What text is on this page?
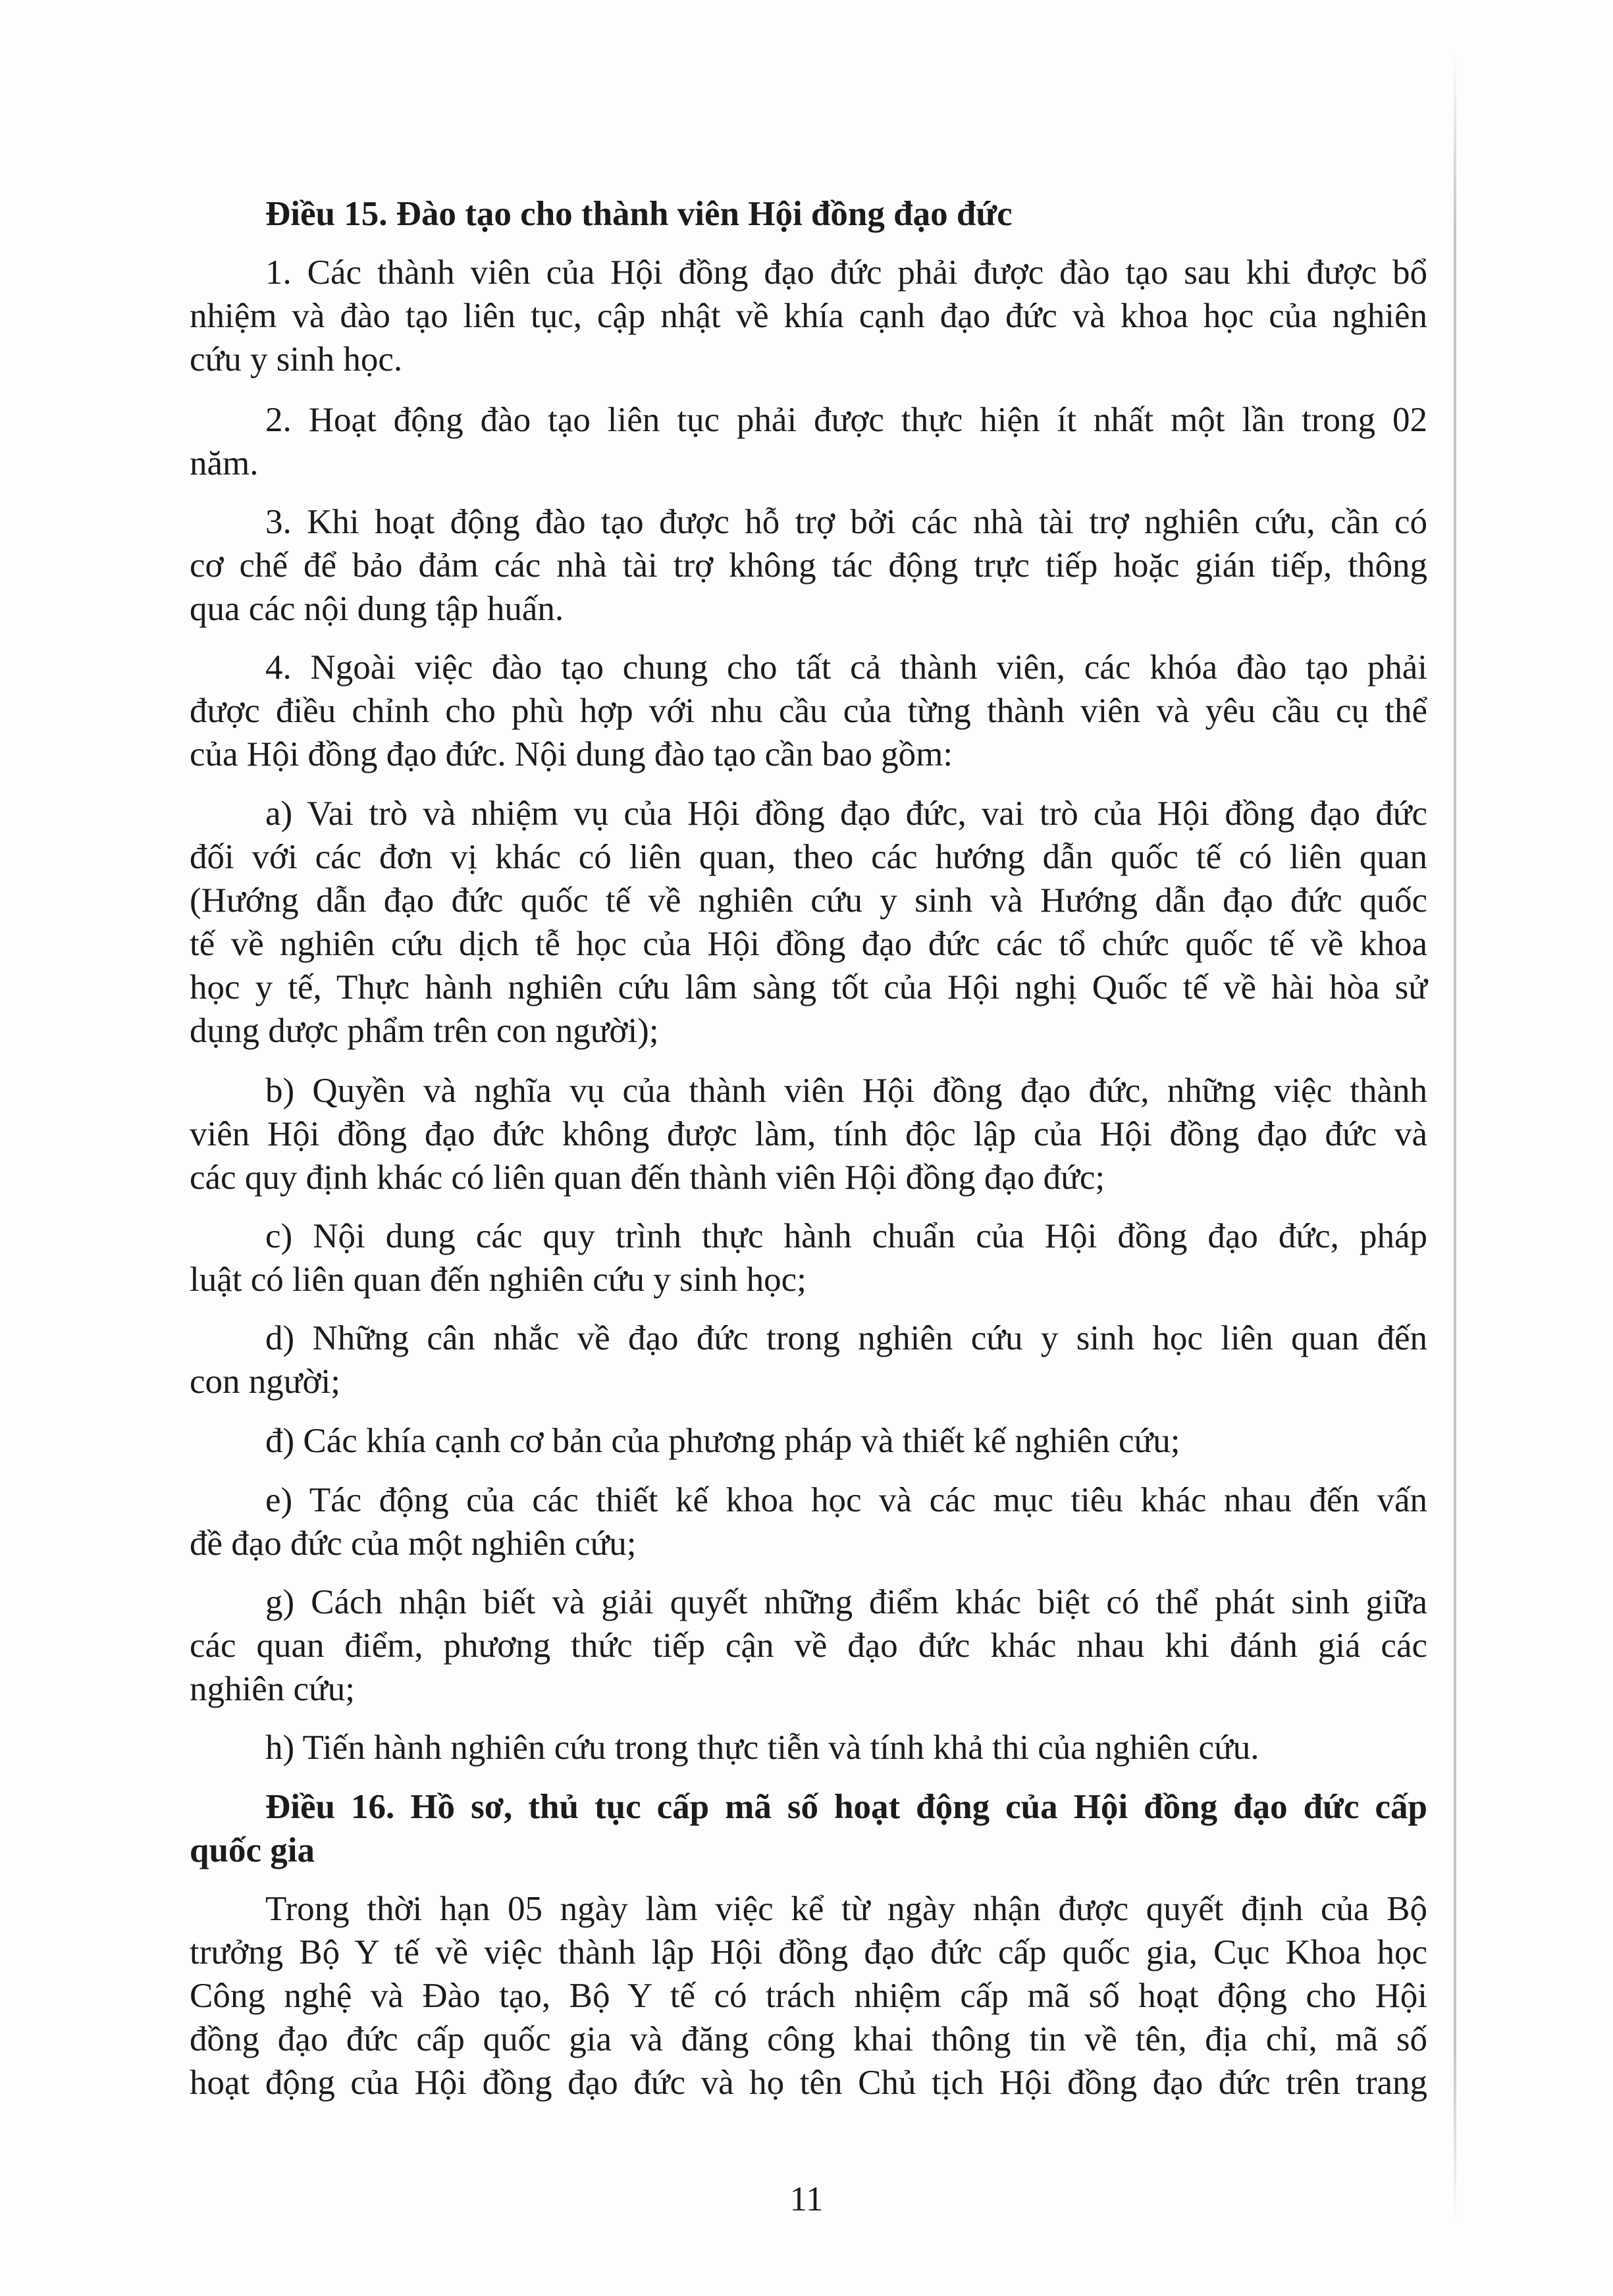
Điều 15. Đào tạo cho thành viên Hội đồng đạo đức
1. Các thành viên của Hội đồng đạo đức phải được đào tạo sau khi được bổ
nhiệm và đào tạo liên tục, cập nhật về khía cạnh đạo đức và khoa học của nghiên
cứu y sinh học.
2. Hoạt động đào tạo liên tục phải được thực hiện ít nhất một lần trong 02
năm.
3. Khi hoạt động đào tạo được hỗ trợ bởi các nhà tài trợ nghiên cứu, cần có
cơ chế để bảo đảm các nhà tài trợ không tác động trực tiếp hoặc gián tiếp, thông
qua các nội dung tập huấn.
4. Ngoài việc đào tạo chung cho tất cả thành viên, các khóa đào tạo phải
được điều chỉnh cho phù hợp với nhu cầu của từng thành viên và yêu cầu cụ thể
của Hội đồng đạo đức. Nội dung đào tạo cần bao gồm:
a) Vai trò và nhiệm vụ của Hội đồng đạo đức, vai trò của Hội đồng đạo đức
đối với các đơn vị khác có liên quan, theo các hướng dẫn quốc tế có liên quan
(Hướng dẫn đạo đức quốc tế về nghiên cứu y sinh và Hướng dẫn đạo đức quốc
tế về nghiên cứu dịch tễ học của Hội đồng đạo đức các tổ chức quốc tế về khoa
học y tế, Thực hành nghiên cứu lâm sàng tốt của Hội nghị Quốc tế về hài hòa sử
dụng dược phẩm trên con người);
b) Quyền và nghĩa vụ của thành viên Hội đồng đạo đức, những việc thành
viên Hội đồng đạo đức không được làm, tính độc lập của Hội đồng đạo đức và
các quy định khác có liên quan đến thành viên Hội đồng đạo đức;
c) Nội dung các quy trình thực hành chuẩn của Hội đồng đạo đức, pháp
luật có liên quan đến nghiên cứu y sinh học;
d) Những cân nhắc về đạo đức trong nghiên cứu y sinh học liên quan đến
con người;
đ) Các khía cạnh cơ bản của phương pháp và thiết kế nghiên cứu;
e) Tác động của các thiết kế khoa học và các mục tiêu khác nhau đến vấn
đề đạo đức của một nghiên cứu;
g) Cách nhận biết và giải quyết những điểm khác biệt có thể phát sinh giữa
các quan điểm, phương thức tiếp cận về đạo đức khác nhau khi đánh giá các
nghiên cứu;
h) Tiến hành nghiên cứu trong thực tiễn và tính khả thi của nghiên cứu.
Điều 16. Hồ sơ, thủ tục cấp mã số hoạt động của Hội đồng đạo đức cấp
quốc gia
Trong thời hạn 05 ngày làm việc kể từ ngày nhận được quyết định của Bộ
trưởng Bộ Y tế về việc thành lập Hội đồng đạo đức cấp quốc gia, Cục Khoa học
Công nghệ và Đào tạo, Bộ Y tế có trách nhiệm cấp mã số hoạt động cho Hội
đồng đạo đức cấp quốc gia và đăng công khai thông tin về tên, địa chỉ, mã số
hoạt động của Hội đồng đạo đức và họ tên Chủ tịch Hội đồng đạo đức trên trang
11
